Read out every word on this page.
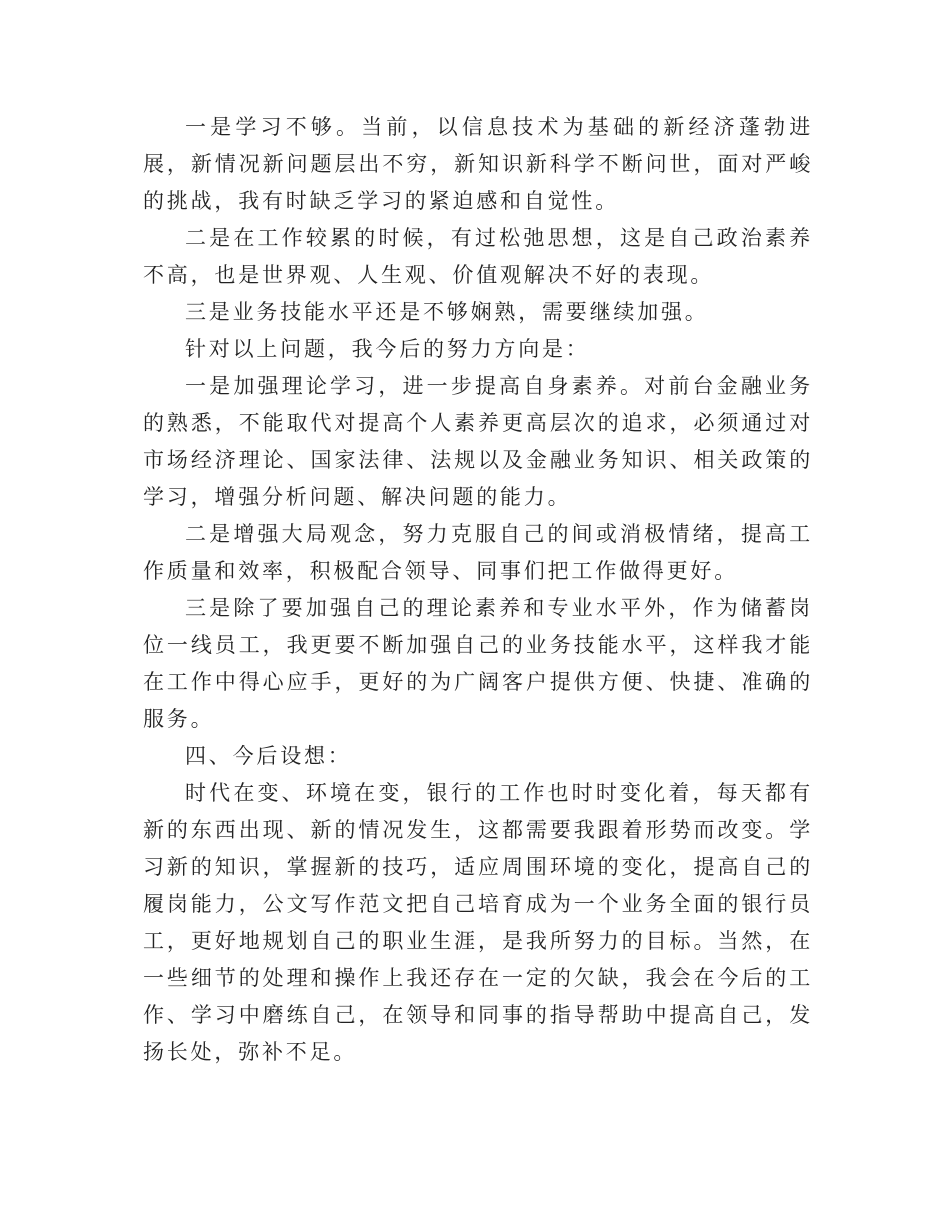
一是学习不够。当前，以信息技术为基础的新经济蓬勃进展，新情况新问题层出不穷，新知识新科学不断问世，面对严峻的挑战，我有时缺乏学习的紧迫感和自觉性。

二是在工作较累的时候，有过松弛思想，这是自己政治素养不高，也是世界观、人生观、价值观解决不好的表现。

三是业务技能水平还是不够娴熟，需要继续加强。

针对以上问题，我今后的努力方向是：

一是加强理论学习，进一步提高自身素养。对前台金融业务的熟悉，不能取代对提高个人素养更高层次的追求，必须通过对市场经济理论、国家法律、法规以及金融业务知识、相关政策的学习，增强分析问题、解决问题的能力。

二是增强大局观念，努力克服自己的间或消极情绪，提高工作质量和效率，积极配合领导、同事们把工作做得更好。

三是除了要加强自己的理论素养和专业水平外，作为储蓄岗位一线员工，我更要不断加强自己的业务技能水平，这样我才能在工作中得心应手，更好的为广阔客户提供方便、快捷、准确的服务。

四、今后设想：

时代在变、环境在变，银行的工作也时时变化着，每天都有新的东西出现、新的情况发生，这都需要我跟着形势而改变。学习新的知识，掌握新的技巧，适应周围环境的变化，提高自己的履岗能力，公文写作范文把自己培育成为一个业务全面的银行员工，更好地规划自己的职业生涯，是我所努力的目标。当然，在一些细节的处理和操作上我还存在一定的欠缺，我会在今后的工作、学习中磨练自己，在领导和同事的指导帮助中提高自己，发扬长处，弥补不足。
